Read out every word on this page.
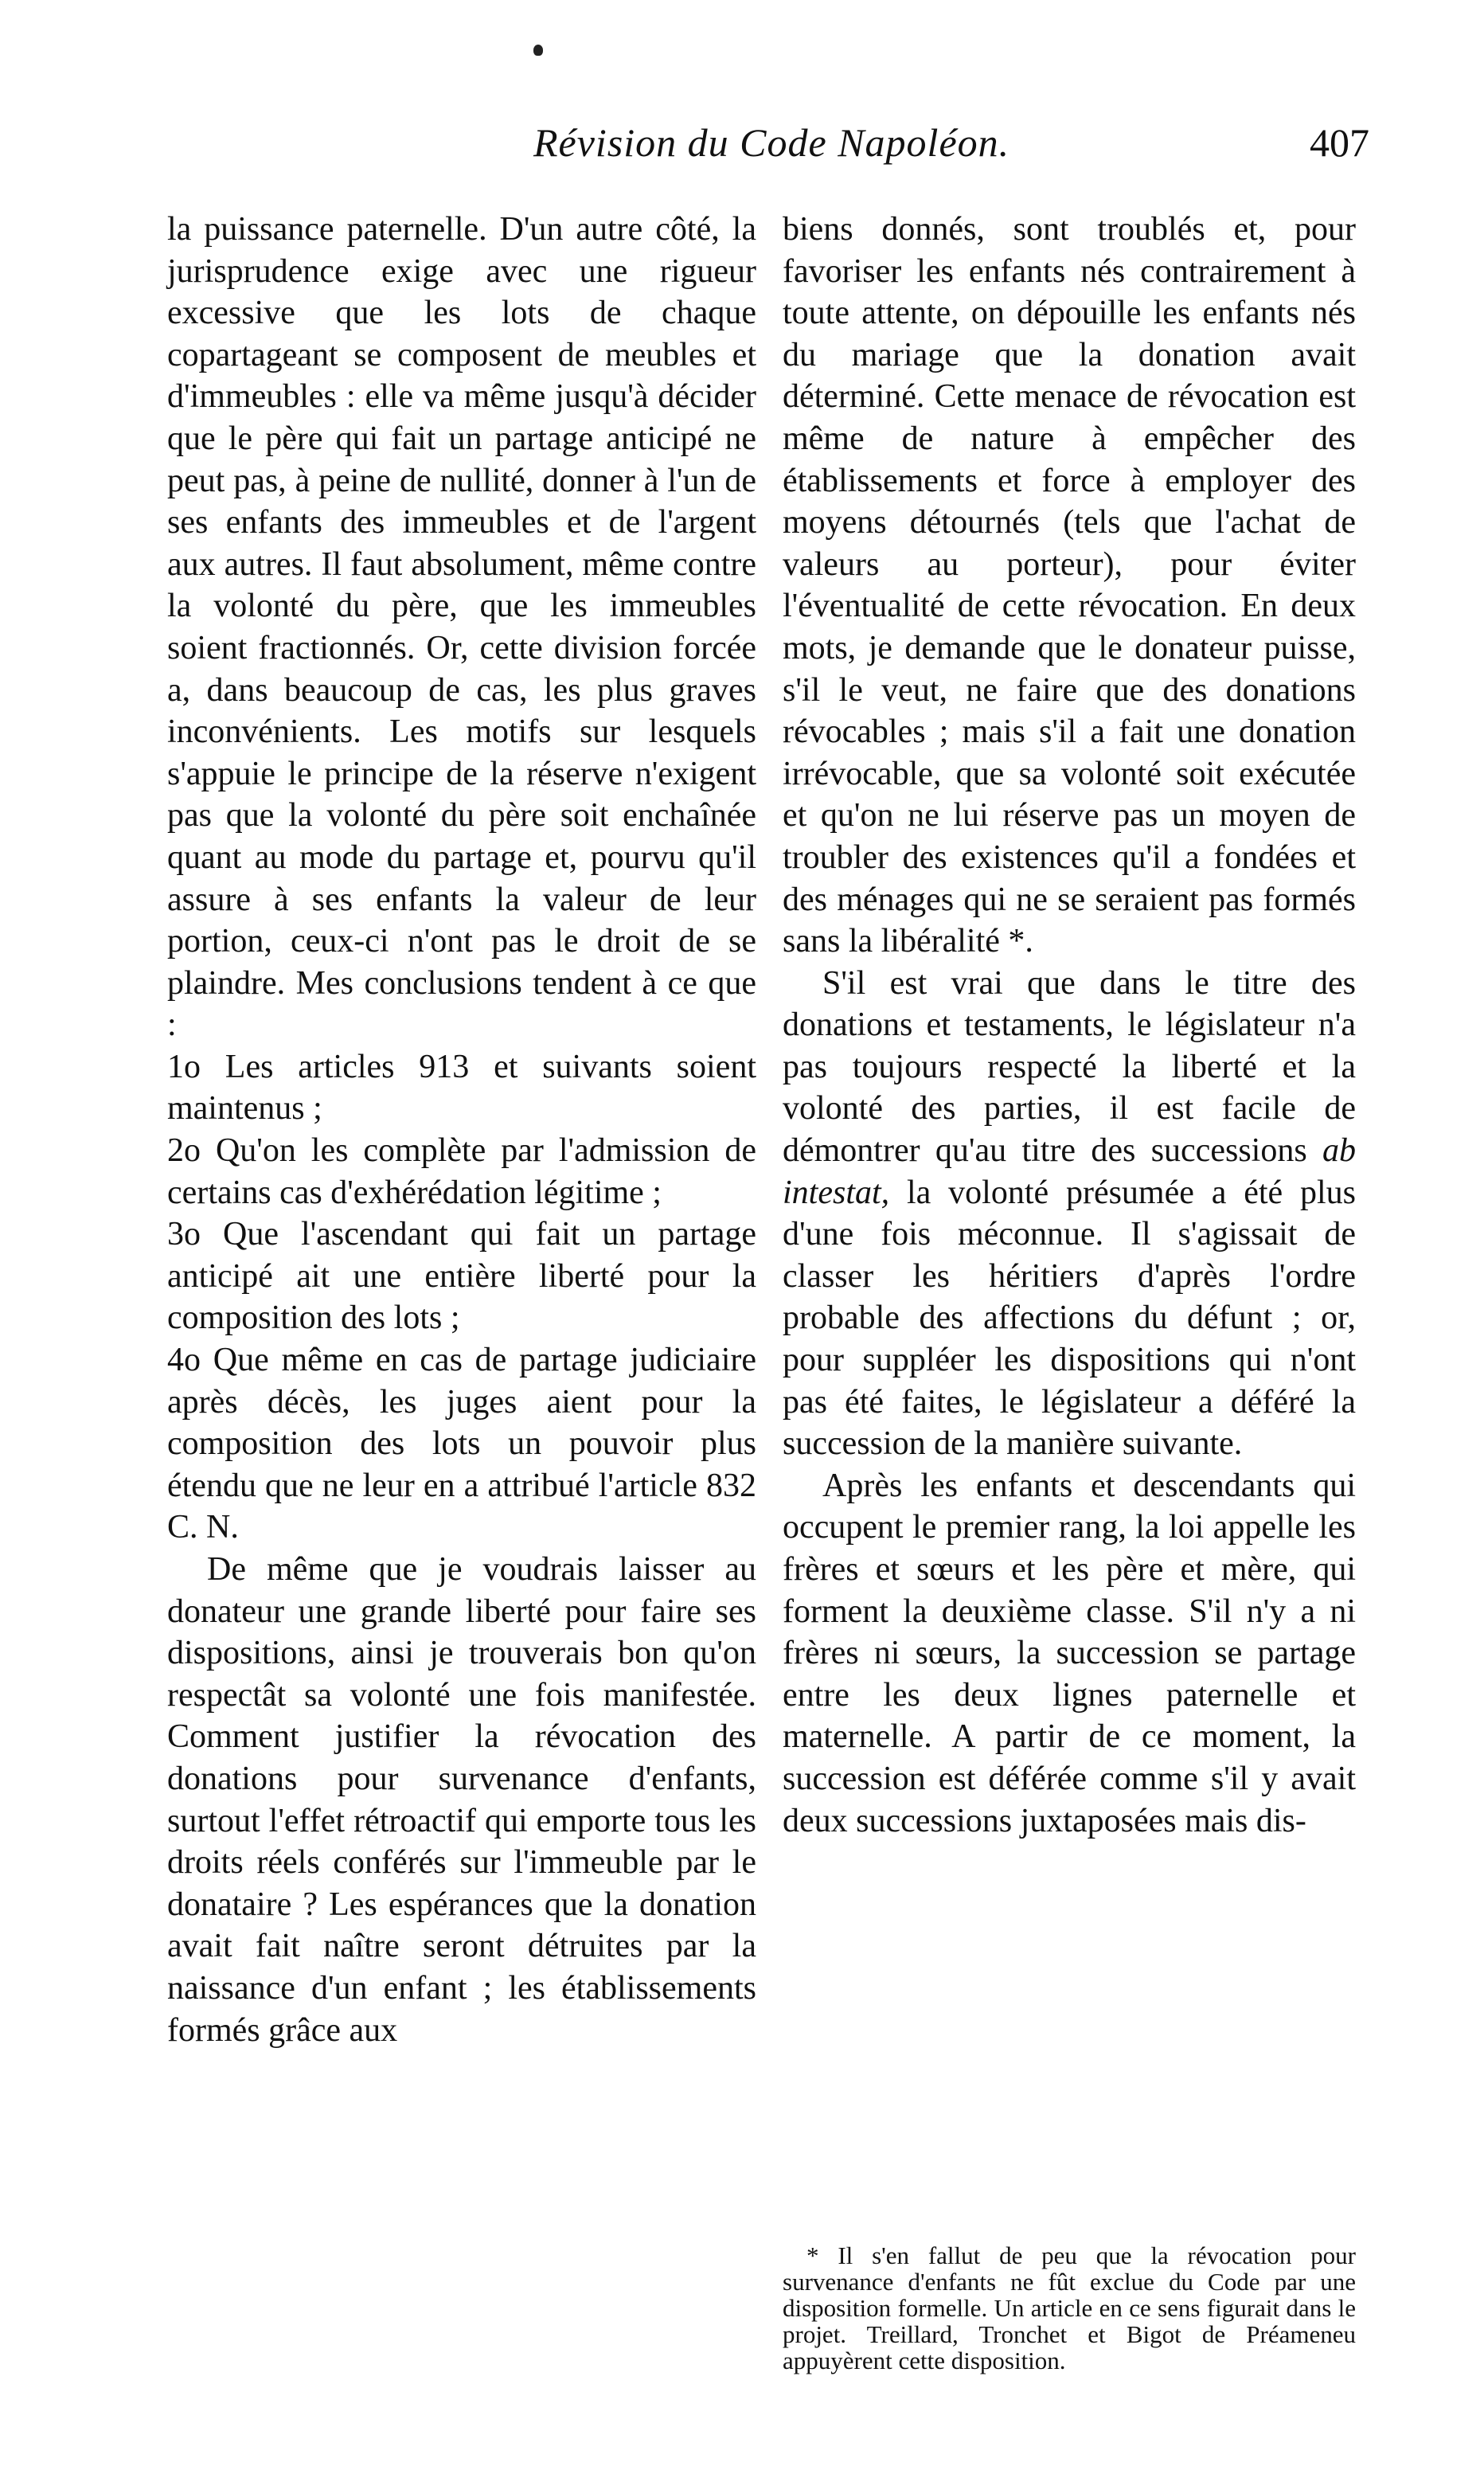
Révision du Code Napoléon.	407

la puissance paternelle. D'un autre côté, la jurisprudence exige avec une rigueur excessive que les lots de chaque copartageant se composent de meubles et d'immeubles : elle va même jusqu'à décider que le père qui fait un partage anticipé ne peut pas, à peine de nullité, donner à l'un de ses enfants des immeubles et de l'argent aux autres. Il faut absolument, même contre la volonté du père, que les immeubles soient fractionnés. Or, cette division forcée a, dans beaucoup de cas, les plus graves inconvénients. Les motifs sur lesquels s'appuie le principe de la réserve n'exigent pas que la volonté du père soit enchaînée quant au mode du partage et, pourvu qu'il assure à ses enfants la valeur de leur portion, ceux-ci n'ont pas le droit de se plaindre. Mes conclusions tendent à ce que :

1o Les articles 913 et suivants soient maintenus ;

2o Qu'on les complète par l'admission de certains cas d'exhérédation légitime ;

3o Que l'ascendant qui fait un partage anticipé ait une entière liberté pour la composition des lots ;

4o Que même en cas de partage judiciaire après décès, les juges aient pour la composition des lots un pouvoir plus étendu que ne leur en a attribué l'article 832 C. N.

De même que je voudrais laisser au donateur une grande liberté pour faire ses dispositions, ainsi je trouverais bon qu'on respectât sa volonté une fois manifestée. Comment justifier la révocation des donations pour survenance d'enfants, surtout l'effet rétroactif qui emporte tous les droits réels conférés sur l'immeuble par le donataire ? Les espérances que la donation avait fait naître seront détruites par la naissance d'un enfant ; les établissements formés grâce aux

biens donnés, sont troublés et, pour favoriser les enfants nés contrairement à toute attente, on dépouille les enfants nés du mariage que la donation avait déterminé. Cette menace de révocation est même de nature à empêcher des établissements et force à employer des moyens détournés (tels que l'achat de valeurs au porteur), pour éviter l'éventualité de cette révocation. En deux mots, je demande que le donateur puisse, s'il le veut, ne faire que des donations révocables ; mais s'il a fait une donation irrévocable, que sa volonté soit exécutée et qu'on ne lui réserve pas un moyen de troubler des existences qu'il a fondées et des ménages qui ne se seraient pas formés sans la libéralité *.

S'il est vrai que dans le titre des donations et testaments, le législateur n'a pas toujours respecté la liberté et la volonté des parties, il est facile de démontrer qu'au titre des successions ab intestat, la volonté présumée a été plus d'une fois méconnue. Il s'agissait de classer les héritiers d'après l'ordre probable des affections du défunt ; or, pour suppléer les dispositions qui n'ont pas été faites, le législateur a déféré la succession de la manière suivante.

Après les enfants et descendants qui occupent le premier rang, la loi appelle les frères et sœurs et les père et mère, qui forment la deuxième classe. S'il n'y a ni frères ni sœurs, la succession se partage entre les deux lignes paternelle et maternelle. A partir de ce moment, la succession est déférée comme s'il y avait deux successions juxtaposées mais dis-

* Il s'en fallut de peu que la révocation pour survenance d'enfants ne fût exclue du Code par une disposition formelle. Un article en ce sens figurait dans le projet. Treillard, Tronchet et Bigot de Préameneu appuyèrent cette disposition.
